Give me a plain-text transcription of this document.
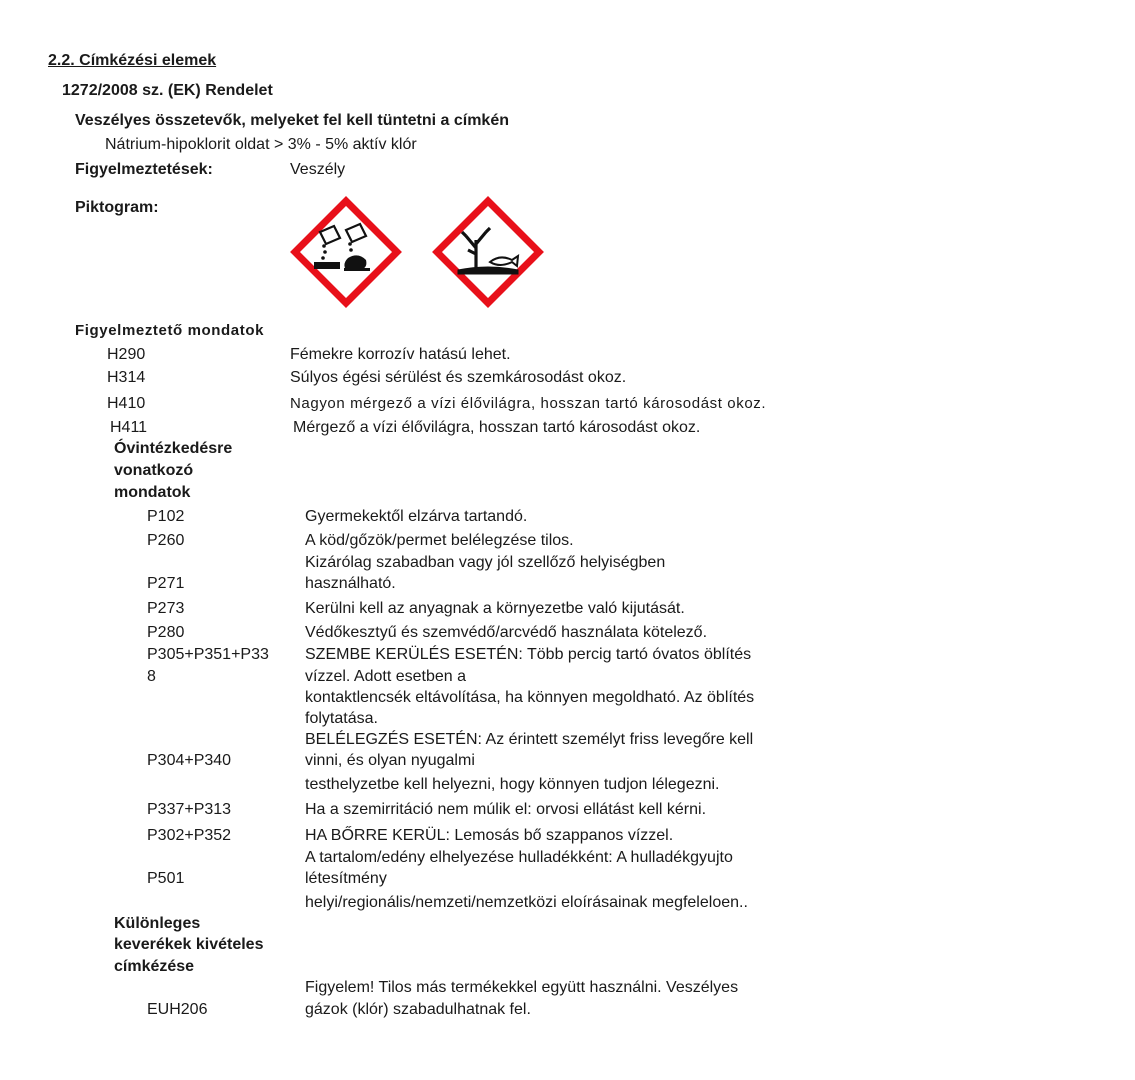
2.2. Címkézési elemek
1272/2008 sz. (EK) Rendelet
Veszélyes összetevők, melyeket fel kell tüntetni a címkén
Nátrium-hipoklorit oldat > 3% - 5% aktív klór
Figyelmeztetések:	Veszély
Piktogram:
Figyelmeztető mondatok
H290	Fémekre korrozív hatású lehet.
H314	Súlyos égési sérülést és szemkárosodást okoz.
H410	Nagyon mérgező a vízi élővilágra, hosszan tartó károsodást okoz.
H411	Mérgező a vízi élővilágra, hosszan tartó károsodást okoz.
Óvintézkedésre
vonatkozó
mondatok
P102	Gyermekektől elzárva tartandó.
P260	A köd/gőzök/permet belélegzése tilos.
Kizárólag szabadban vagy jól szellőző helyiségben
P271	használható.
P273	Kerülni kell az anyagnak a környezetbe való kijutását.
P280	Védőkesztyű és szemvédő/arcvédő használata kötelező.
P305+P351+P33 SZEMBE KERÜLÉS ESETÉN: Több percig tartó óvatos öblítés
8	vízzel. Adott esetben a
kontaktlencsék eltávolítása, ha könnyen megoldható. Az öblítés
folytatása.
BELÉLEGZÉS ESETÉN: Az érintett személyt friss levegőre kell
P304+P340	vinni, és olyan nyugalmi
testhelyzetbe kell helyezni, hogy könnyen tudjon lélegezni.
P337+P313	Ha a szemirritáció nem múlik el: orvosi ellátást kell kérni.
P302+P352	HA BŐRRE KERÜL: Lemosás bő szappanos vízzel.
A tartalom/edény elhelyezése hulladékként: A hulladékgyujto
P501	létesítmény
helyi/regionális/nemzeti/nemzetközi eloírásainak megfeleloen..
Különleges
keverékek kivételes
címkézése
Figyelem! Tilos más termékekkel együtt használni. Veszélyes
EUH206	gázok (klór) szabadulhatnak fel.
